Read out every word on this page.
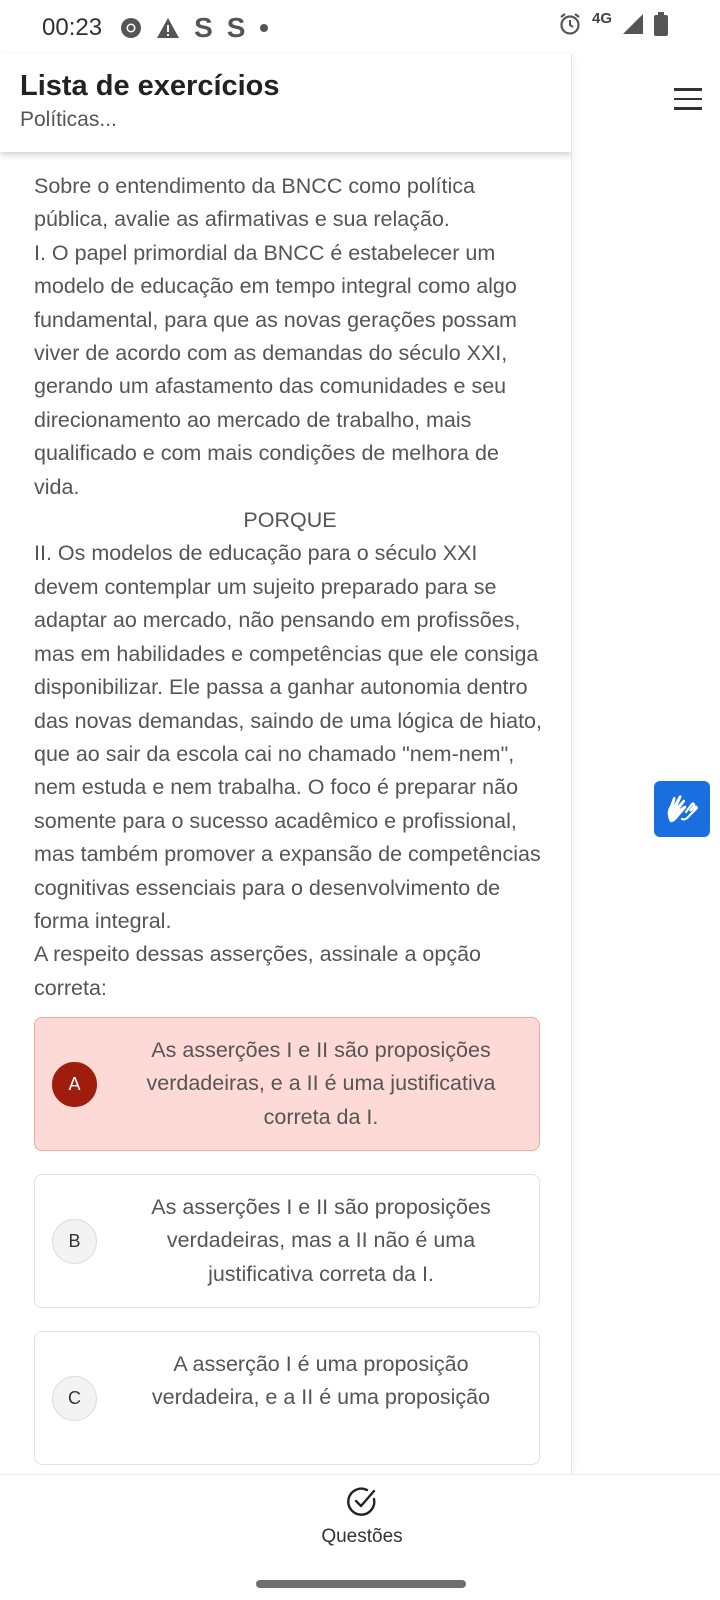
00:23	S S	4G
Lista de exercícios
Políticas...

Sobre o entendimento da BNCC como política pública, avalie as afirmativas e sua relação.

I. O papel primordial da BNCC é estabelecer um modelo de educação em tempo integral como algo fundamental, para que as novas gerações possam viver de acordo com as demandas do século XXI, gerando um afastamento das comunidades e seu direcionamento ao mercado de trabalho, mais qualificado e com mais condições de melhora de vida.

PORQUE

II. Os modelos de educação para o século XXI devem contemplar um sujeito preparado para se adaptar ao mercado, não pensando em profissões, mas em habilidades e competências que ele consiga disponibilizar. Ele passa a ganhar autonomia dentro das novas demandas, saindo de uma lógica de hiato, que ao sair da escola cai no chamado "nem-nem", nem estuda e nem trabalha. O foco é preparar não somente para o sucesso acadêmico e profissional, mas também promover a expansão de competências cognitivas essenciais para o desenvolvimento de forma integral.

A respeito dessas asserções, assinale a opção correta:

A
As asserções I e II são proposições verdadeiras, e a II é uma justificativa correta da I.
B
As asserções I e II são proposições verdadeiras, mas a II não é uma justificativa correta da I.
C
A asserção I é uma proposição verdadeira, e a II é uma proposição
Questões
